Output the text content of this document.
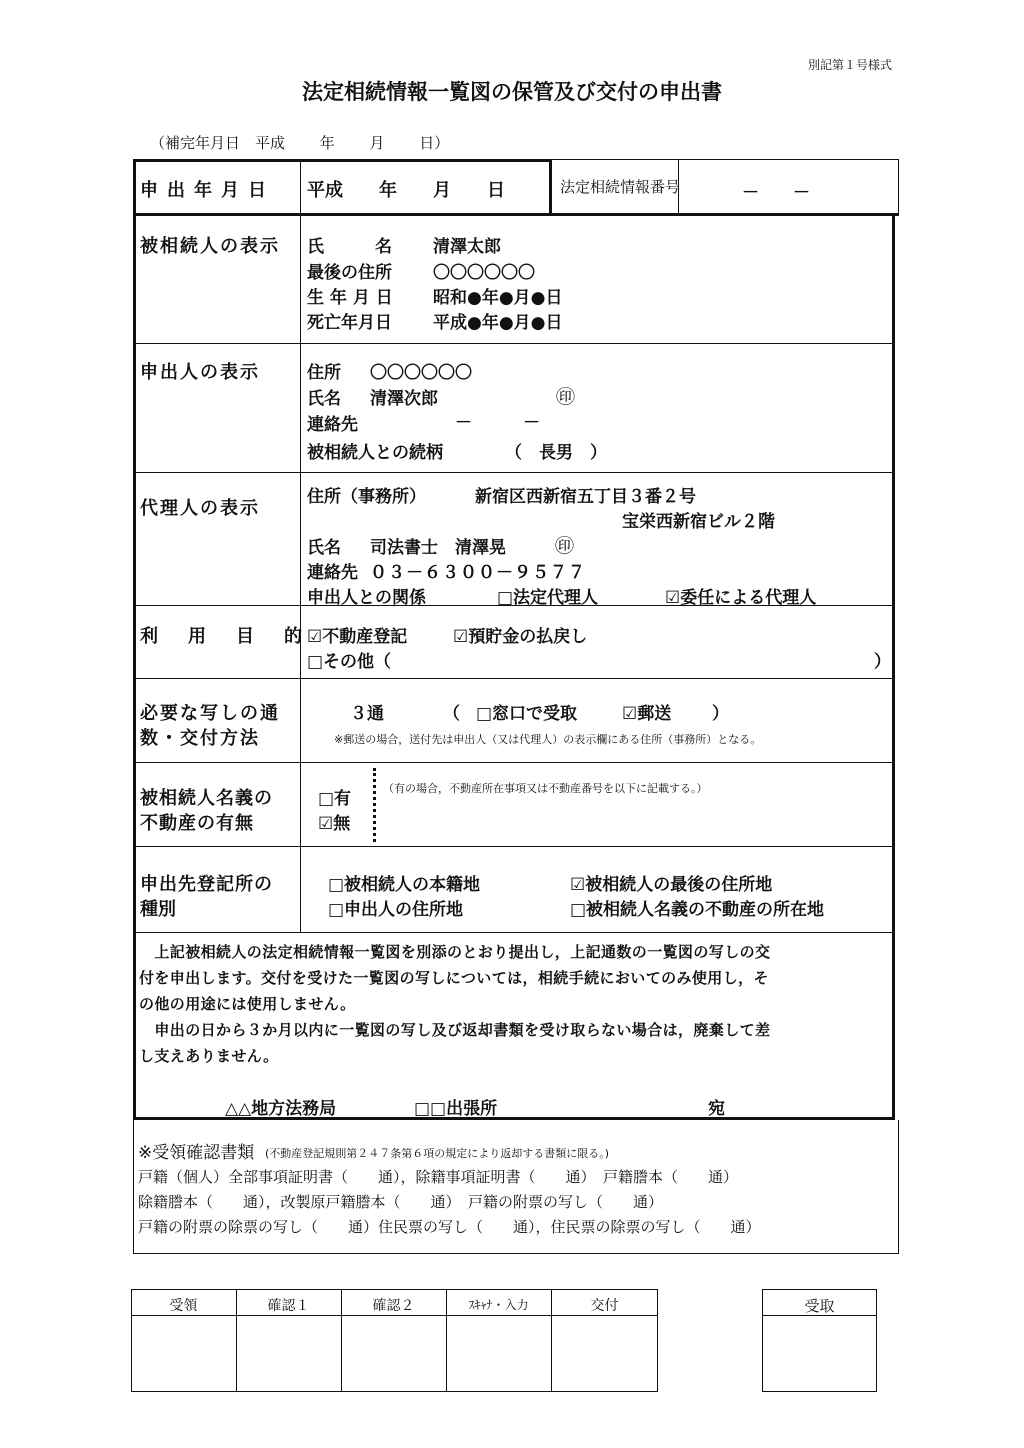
別記第１号様式
法定相続情報一覧図の保管及び交付の申出書
（補完年月日　平成　　 年　　 月　　 日）
申出年月日 平成　　年　　月　　日	法定相続情報番号	－　　－
被相続人の表示 氏　　　名 清澤太郎
最後の住所 〇〇〇〇〇〇
生 年 月 日 昭和●年●月●日
死亡年月日 平成●年●月●日
申出人の表示	住所 〇〇〇〇〇〇
氏名 清澤次郎	㊞
連絡先	－　　　－
被相続人との続柄	（　長男　）
代理人の表示
住所（事務所）	新宿区西新宿五丁目３番２号
宝栄西新宿ビル２階
氏名 司法書士　清澤晃	㊞
連絡先 ０３－６３００－９５７７
申出人との関係	□法定代理人	☑委任による代理人
利用目的
☑不動産登記	☑預貯金の払戻し
□その他（	）
必要な写しの通
数・交付方法
３通	（ □窓口で受取	☑郵送 ）
※郵送の場合，送付先は申出人（又は代理人）の表示欄にある住所（事務所）となる。
被相続人名義の
不動産の有無
□有
☑無
（有の場合，不動産所在事項又は不動産番号を以下に記載する。）
申出先登記所の
種別
□被相続人の本籍地	☑被相続人の最後の住所地
□申出人の住所地	□被相続人名義の不動産の所在地
　上記被相続人の法定相続情報一覧図を別添のとおり提出し，上記通数の一覧図の写しの交
付を申出します。交付を受けた一覧図の写しについては，相続手続においてのみ使用し，そ
の他の用途には使用しません。
　申出の日から３か月以内に一覧図の写し及び返却書類を受け取らない場合は，廃棄して差
し支えありません。
△△地方法務局	□□出張所	宛
※受領確認書類 (不動産登記規則第２４７条第６項の規定により返却する書類に限る。)
戸籍（個人）全部事項証明書（　　通），除籍事項証明書（　　通）　戸籍謄本（　　通）
除籍謄本（　　通），改製原戸籍謄本（　　通）　戸籍の附票の写し（　　通）
戸籍の附票の除票の写し（　　通）住民票の写し（　　通），住民票の除票の写し（　　通）
受領	確認１	確認２	ｽｷｬﾅ・入力	交付	受取
